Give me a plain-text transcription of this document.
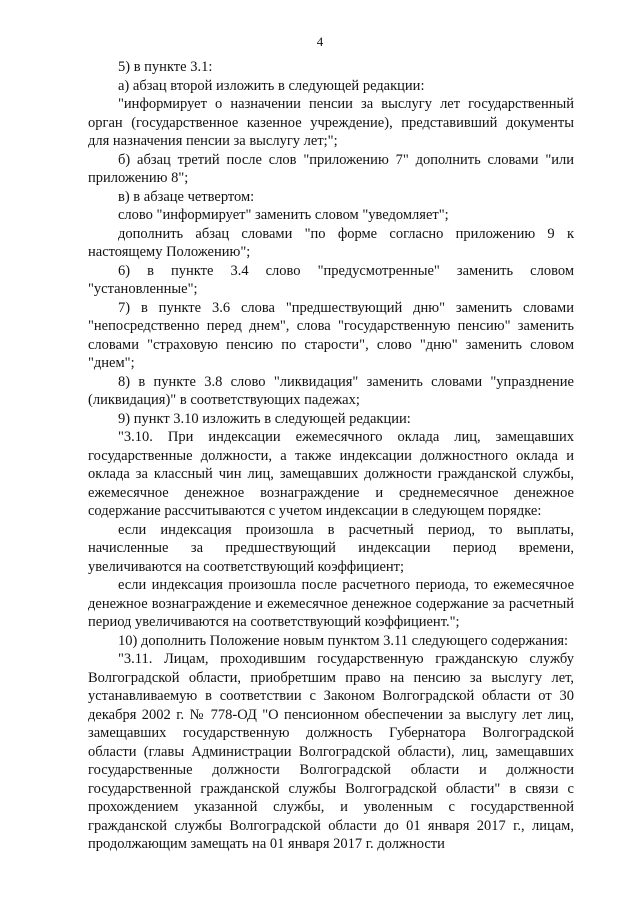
4

5) в пункте 3.1:

а) абзац второй изложить в следующей редакции:

"информирует о назначении пенсии за выслугу лет государственный орган (государственное казенное учреждение), представивший документы для назначения пенсии за выслугу лет;";

б) абзац третий после слов "приложению 7" дополнить словами "или приложению 8";

в) в абзаце четвертом:

слово "информирует" заменить словом "уведомляет";

дополнить абзац словами "по форме согласно приложению 9 к настоящему Положению";

6) в пункте 3.4 слово "предусмотренные" заменить словом "установленные";

7) в пункте 3.6 слова "предшествующий дню" заменить словами "непосредственно перед днем", слова "государственную пенсию" заменить словами "страховую пенсию по старости", слово "дню" заменить словом "днем";

8) в пункте 3.8 слово "ликвидация" заменить словами "упразднение (ликвидация)" в соответствующих падежах;

9) пункт 3.10 изложить в следующей редакции:

"3.10. При индексации ежемесячного оклада лиц, замещавших государственные должности, а также индексации должностного оклада и оклада за классный чин лиц, замещавших должности гражданской службы, ежемесячное денежное вознаграждение и среднемесячное денежное содержание рассчитываются с учетом индексации в следующем порядке:

если индексация произошла в расчетный период, то выплаты, начисленные за предшествующий индексации период времени, увеличиваются на соответствующий коэффициент;

если индексация произошла после расчетного периода, то ежемесячное денежное вознаграждение и ежемесячное денежное содержание за расчетный период увеличиваются на соответствующий коэффициент.";

10) дополнить Положение новым пунктом 3.11 следующего содержания:

"3.11. Лицам, проходившим государственную гражданскую службу Волгоградской области, приобретшим право на пенсию за выслугу лет, устанавливаемую в соответствии с Законом Волгоградской области от 30 декабря 2002 г. № 778-ОД "О пенсионном обеспечении за выслугу лет лиц, замещавших государственную должность Губернатора Волгоградской области (главы Администрации Волгоградской области), лиц, замещавших государственные должности Волгоградской области и должности государственной гражданской службы Волгоградской области" в связи с прохождением указанной службы, и уволенным с государственной гражданской службы Волгоградской области до 01 января 2017 г., лицам, продолжающим замещать на 01 января 2017 г. должности
